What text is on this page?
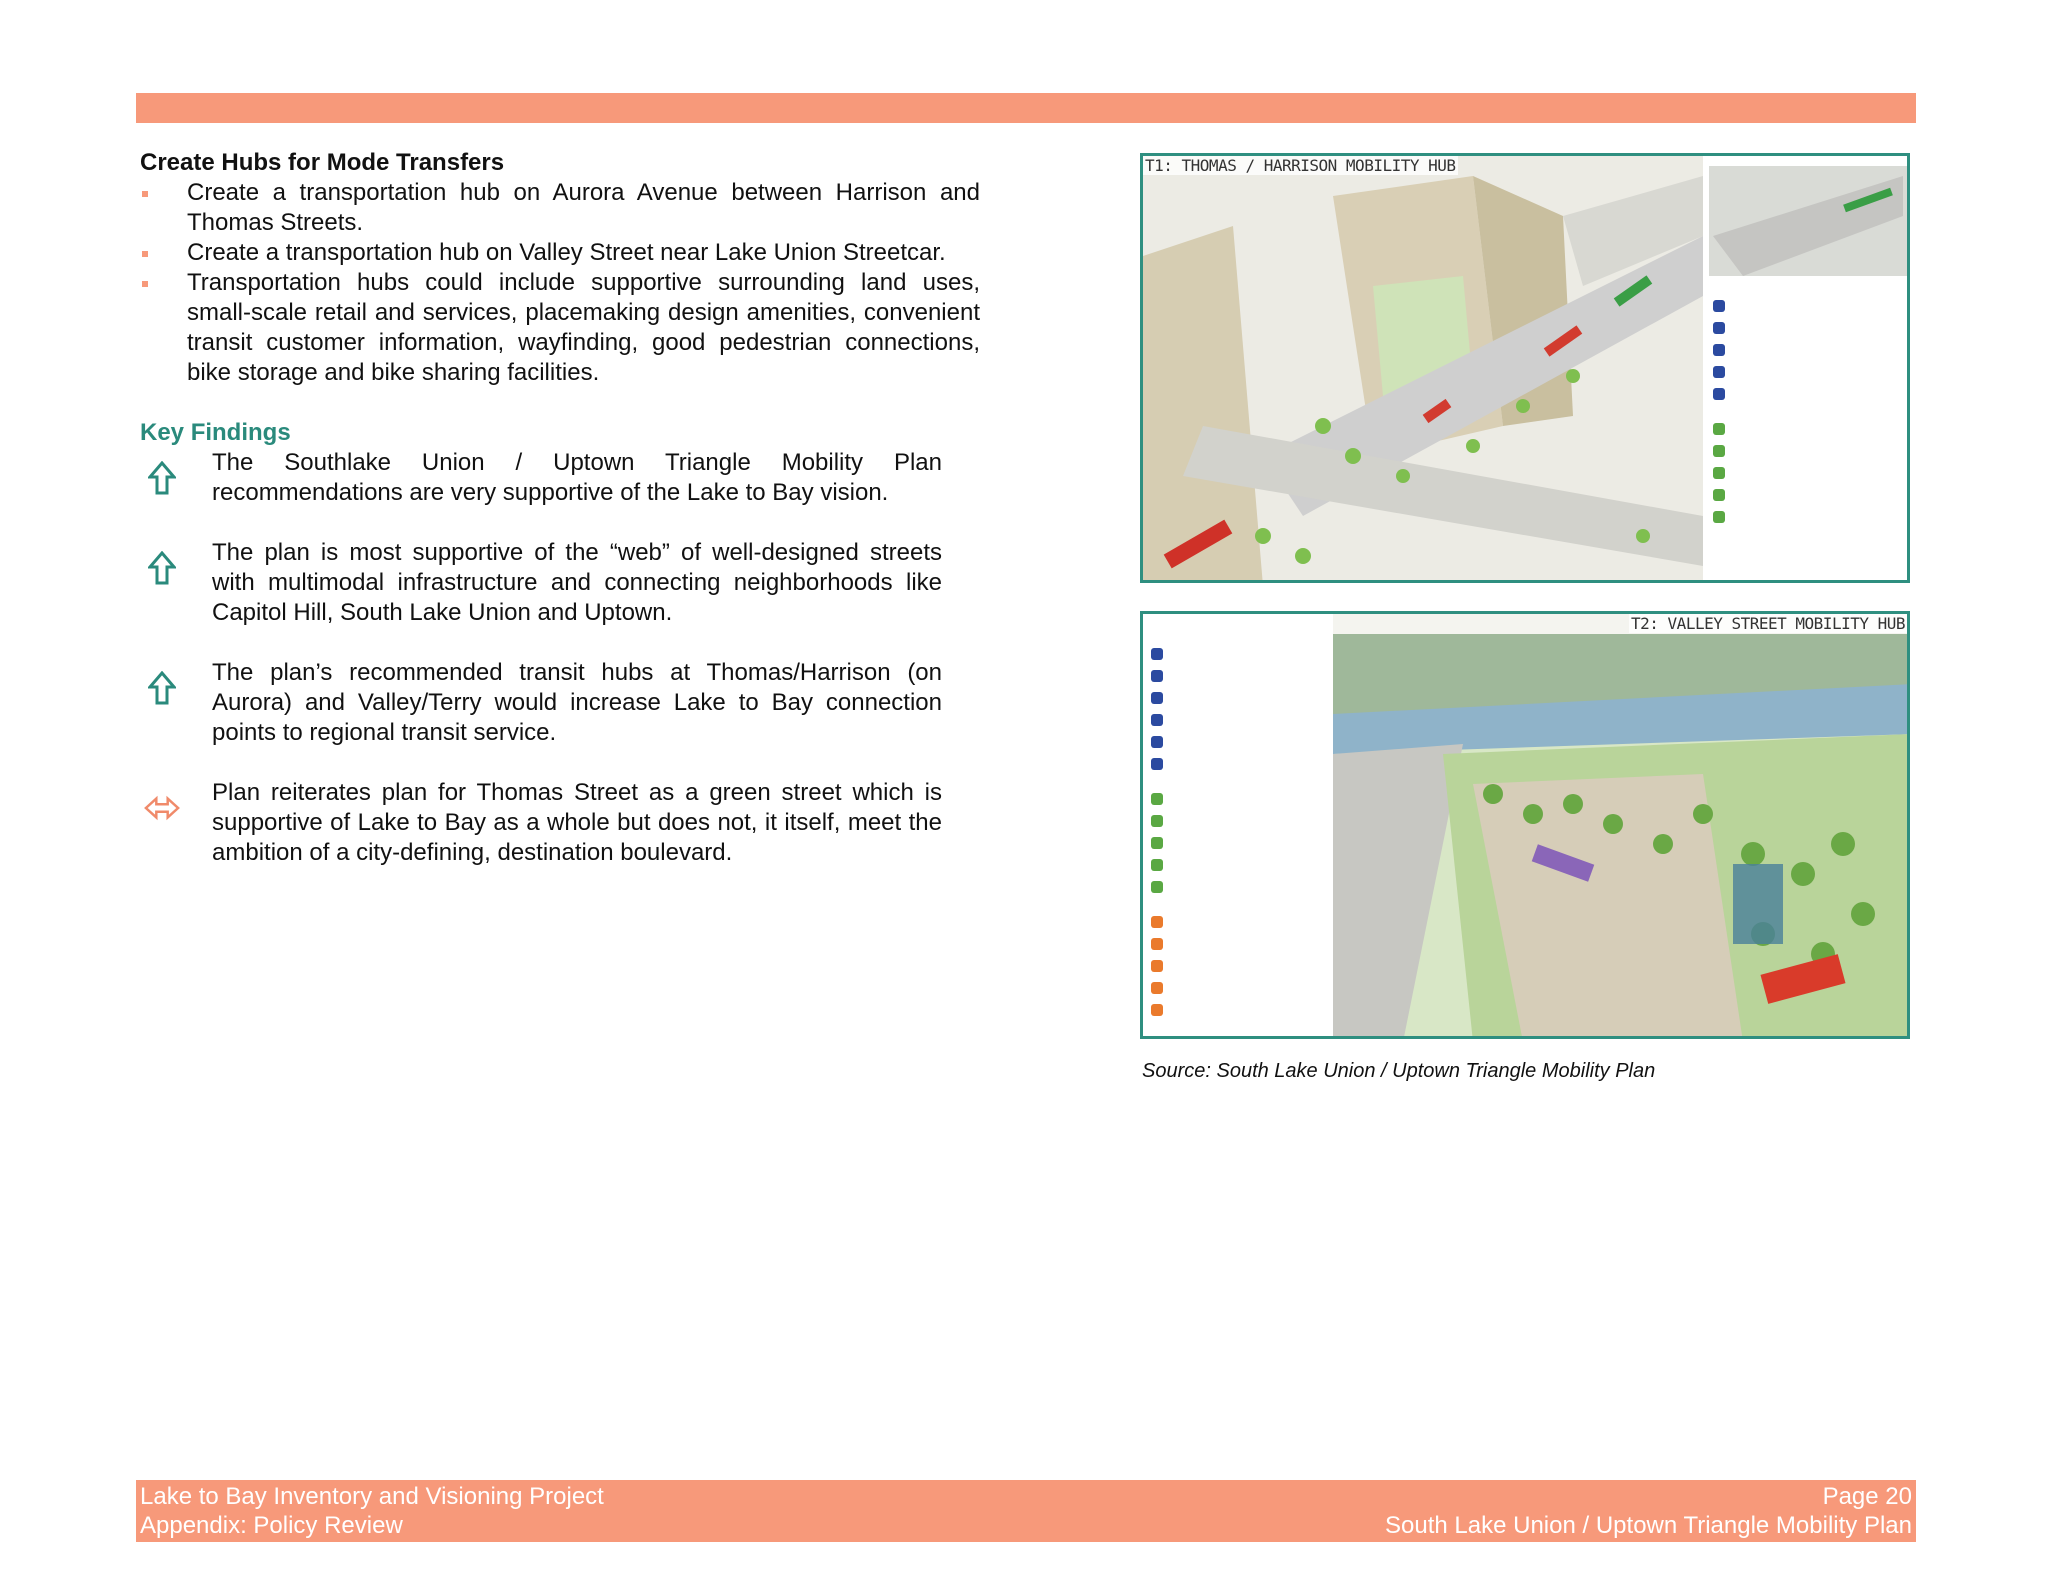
Create Hubs for Mode Transfers

Create a transportation hub on Aurora Avenue between Harrison and Thomas Streets.
Create a transportation hub on Valley Street near Lake Union Streetcar.
Transportation hubs could include supportive surrounding land uses, small-scale retail and services, placemaking design amenities, convenient transit customer information, wayfinding, good pedestrian connections, bike storage and bike sharing facilities.

Key Findings

The Southlake Union / Uptown Triangle Mobility Plan recommendations are very supportive of the Lake to Bay vision.
The plan is most supportive of the “web” of well-designed streets with multimodal infrastructure and connecting neighborhoods like Capitol Hill, South Lake Union and Uptown.
The plan’s recommended transit hubs at Thomas/Harrison (on Aurora) and Valley/Terry would increase Lake to Bay connection points to regional transit service.
Plan reiterates plan for Thomas Street as a green street which is supportive of Lake to Bay as a whole but does not, it itself, meet the ambition of a city-defining, destination boulevard.
T1: THOMAS / HARRISON MOBILITY HUB

T2: VALLEY STREET MOBILITY HUB

Source: South Lake Union / Uptown Triangle Mobility Plan
Lake to Bay Inventory and Visioning Project
Appendix: Policy Review
Page 20
South Lake Union / Uptown Triangle Mobility Plan
